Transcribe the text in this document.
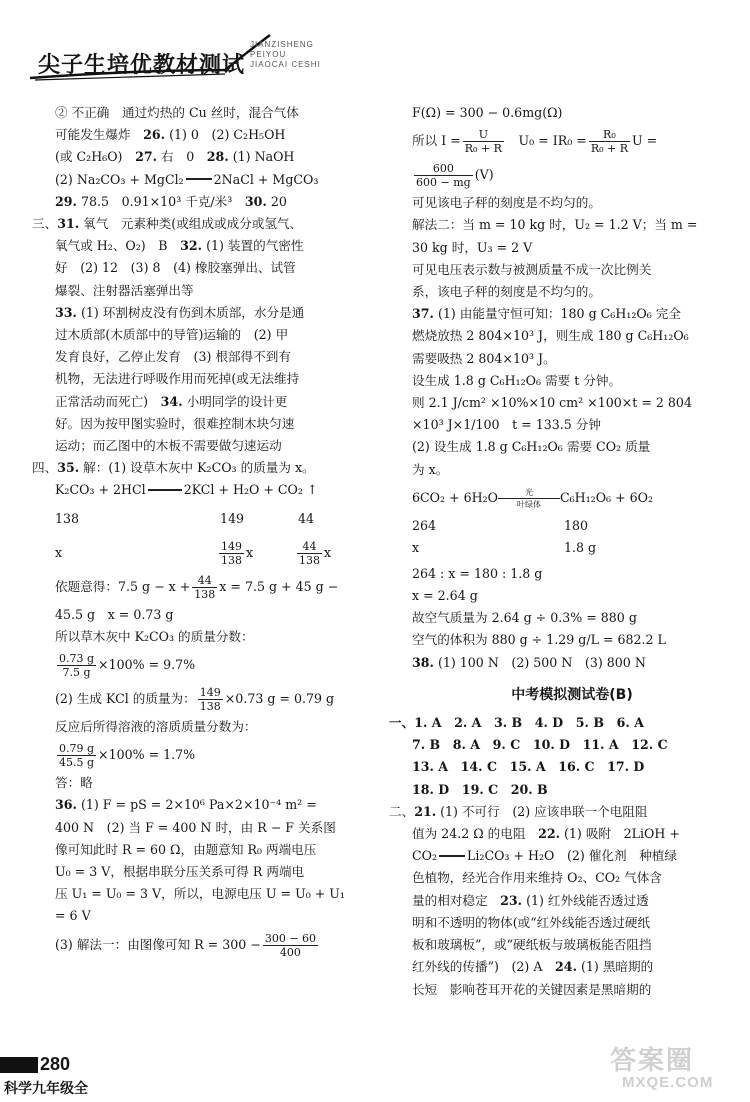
尖子生培优教材测试
JIANZISHENG
PEIYOU
JIAOCAI CESHI
② 不正确　通过灼热的 Cu 丝时，混合气体
可能发生爆炸　 26. (1) 0　(2) C₂H₅OH
(或 C₂H₆O)　 27. 右　0　 28. (1) NaOH
(2) Na₂CO₃ + MgCl₂ 2NaCl + MgCO₃
29. 78.5　0.91×10³ 千克/米³　 30. 20
三、31. 氧气　元素种类(或组成或成分或氢气、
氧气或 H₂、O₂)　B　 32. (1) 装置的气密性
好　(2) 12　(3) 8　(4) 橡胶塞弹出、试管
爆裂、注射器活塞弹出等
33. (1) 环割树皮没有伤到木质部，水分是通
过木质部(木质部中的导管)运输的　(2) 甲
发育良好，乙停止发育　(3) 根部得不到有
机物，无法进行呼吸作用而死掉(或无法维持
正常活动而死亡)　 34. 小明同学的设计更
好。因为按甲图实验时，很难控制木块匀速
运动；而乙图中的木板不需要做匀速运动
四、35. 解：(1) 设草木灰中 K₂CO₃ 的质量为 x。
K₂CO₃ + 2HCl	2KCl + H₂O + CO₂ ↑
138	149	44
x	$\frac{149}{138}$ x	$\frac{44}{138}$ x
依题意得：7.5 $g - x + \frac{44}{138}$ x = 7.5 g + 45 g −
45.5 g　x = 0.73 g
所以草木灰中 K₂CO₃ 的质量分数：
$\frac{0.73 g}{7.5 g} \times 100\% = 9.7\%$
(2) 生成 KCl 的质量为： $\frac{149}{138} \times 0.73$ g = 0.79 g
反应后所得溶液的溶质质量分数为：
$\frac{0.79 g}{45.5 g} \times 100\% = 1.7\%$
答：略
36. (1) F = pS = 2×10⁶ Pa×2×10⁻⁴ m² =
400 N　(2) 当 F = 400 N 时，由 R − F 关系图
像可知此时 R = 60 Ω，由题意知 R₀ 两端电压
U₀ = 3 V，根据串联分压关系可得 R 两端电
压 U₁ = U₀ = 3 V，所以，电源电压 U = U₀ + U₁
= 6 V
(3) 解法一：由图像可知 $R = 300 - \frac{300 - 60}{400}$
F(Ω) = 300 − 0.6mg(Ω)
所以 $I = \frac{U}{\text{R₀ + R}}$
　 $U_0 = IR_0 = \frac{\text{R₀}}{\text{R₀ + R}}$ U =
$\frac{600}{600 - mg} (V)$
可见该电子秤的刻度是不均匀的。
解法二：当 m = 10 kg 时，U₂ = 1.2 V；当 m =
30 kg 时，U₃ = 2 V
可见电压表示数与被测质量不成一次比例关
系，该电子秤的刻度是不均匀的。
37. (1) 由能量守恒可知：180 g C₆H₁₂O₆ 完全
燃烧放热 2 804×10³ J，则生成 180 g C₆H₁₂O₆
需要吸热 2 804×10³ J。
设生成 1.8 g C₆H₁₂O₆ 需要 t 分钟。
则 2.1 J/cm² ×10%×10 cm² ×100×t = 2 804
×10³ J×1/100　t = 133.5 分钟
(2) 设生成 1.8 g C₆H₁₂O₆ 需要 CO₂ 质量
为 x。
6CO₂ + 6H₂O	光
叶绿体	C₆H₁₂O₆ + 6O₂
264	180
x	1.8 g
264 : x = 180 : 1.8 g
x = 2.64 g
故空气质量为 2.64 g ÷ 0.3% = 880 g
空气的体积为 880 g ÷ 1.29 g/L = 682.2 L
38. (1) 100 N　(2) 500 N　(3) 800 N
中考模拟测试卷(B)
一、1. A　2. A　3. B　4. D　5. B　6. A
7. B　8. A　9. C　10. D　11. A　12. C
13. A　14. C　15. A　16. C　17. D
18. D　19. C　20. B
二、21. (1) 不可行　(2) 应该串联一个电阻阻
值为 24.2 Ω 的电阻　 22. (1) 吸附　2LiOH +
CO₂ Li₂CO₃ + H₂O　(2) 催化剂　种植绿
色植物，经光合作用来维持 O₂、CO₂ 气体含
量的相对稳定　 23. (1) 红外线能否透过透
明和不透明的物体(或“红外线能否透过硬纸
板和玻璃板”，或“硬纸板与玻璃板能否阻挡
红外线的传播”)　(2) A　 24. (1) 黑暗期的
长短　影响苍耳开花的关键因素是黑暗期的
280
科学九年级全
答案圈
MXQE.COM
